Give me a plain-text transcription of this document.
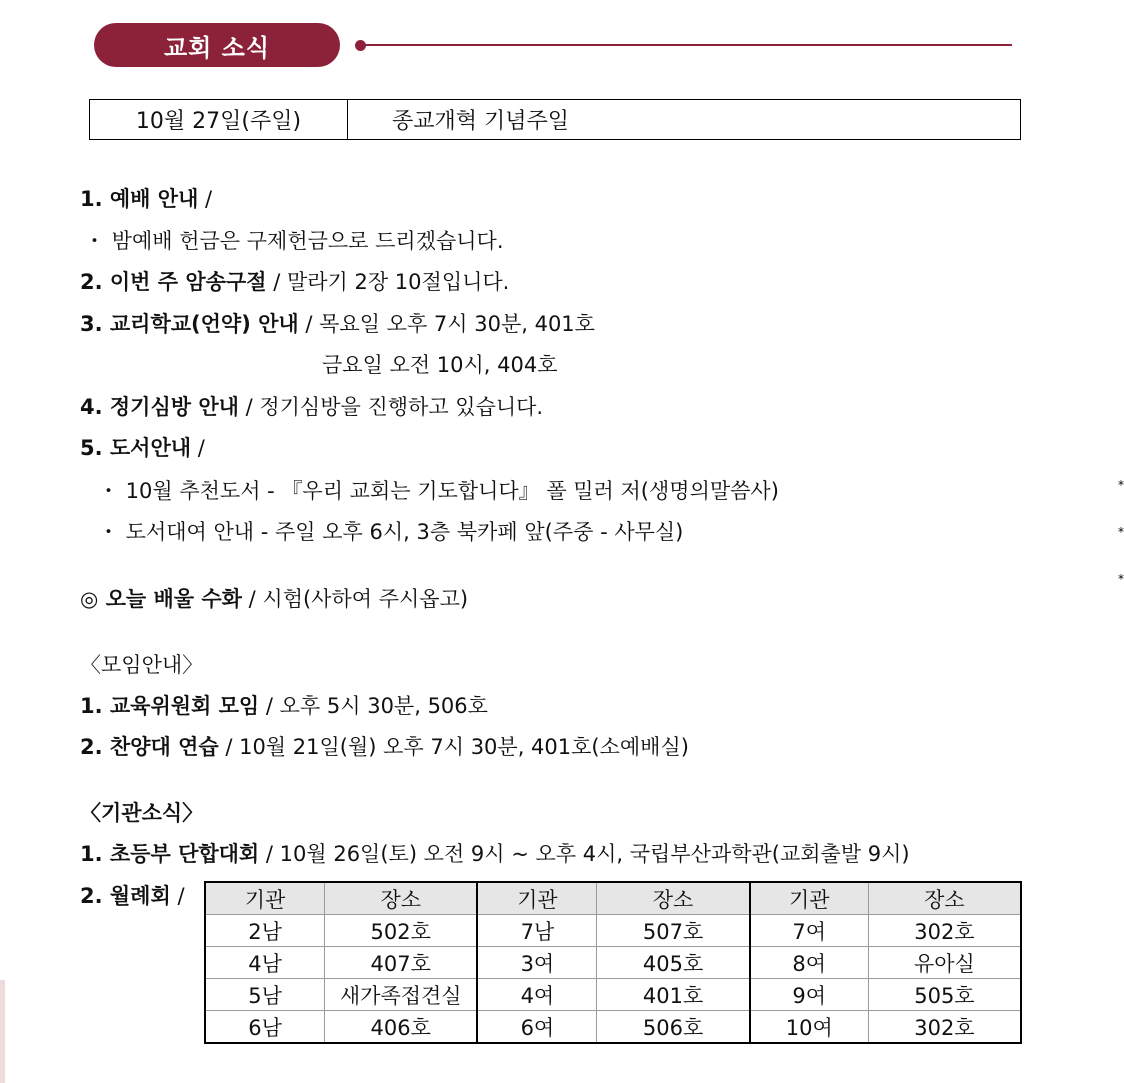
교회 소식
10월 27일(주일)	종교개혁 기념주일
1. 예배 안내 /
・ 밤예배 헌금은 구제헌금으로 드리겠습니다.
2. 이번 주 암송구절 / 말라기 2장 10절입니다.
3. 교리학교(언약) 안내 / 목요일 오후 7시 30분, 401호
금요일 오전 10시, 404호
4. 정기심방 안내 / 정기심방을 진행하고 있습니다.
5. 도서안내 /
・ 10월 추천도서 - 『우리 교회는 기도합니다』 폴 밀러 저(생명의말씀사)
・ 도서대여 안내 - 주일 오후 6시, 3층 북카페 앞(주중 - 사무실)
◎ 오늘 배울 수화 / 시험(사하여 주시옵고)
〈모임안내〉
1. 교육위원회 모임 / 오후 5시 30분, 506호
2. 찬양대 연습 / 10월 21일(월) 오후 7시 30분, 401호(소예배실)
〈기관소식〉
1. 초등부 단합대회 / 10월 26일(토) 오전 9시 ~ 오후 4시, 국립부산과학관(교회출발 9시)
2. 월례회 /	기관	장소	기관	장소	기관	장소
2남	502호	7남	507호	7여	302호
4남	407호	3여	405호	8여	유아실
5남	새가족접견실	4여	401호	9여	505호
6남	406호	6여	506호	10여	302호
*
*
*
